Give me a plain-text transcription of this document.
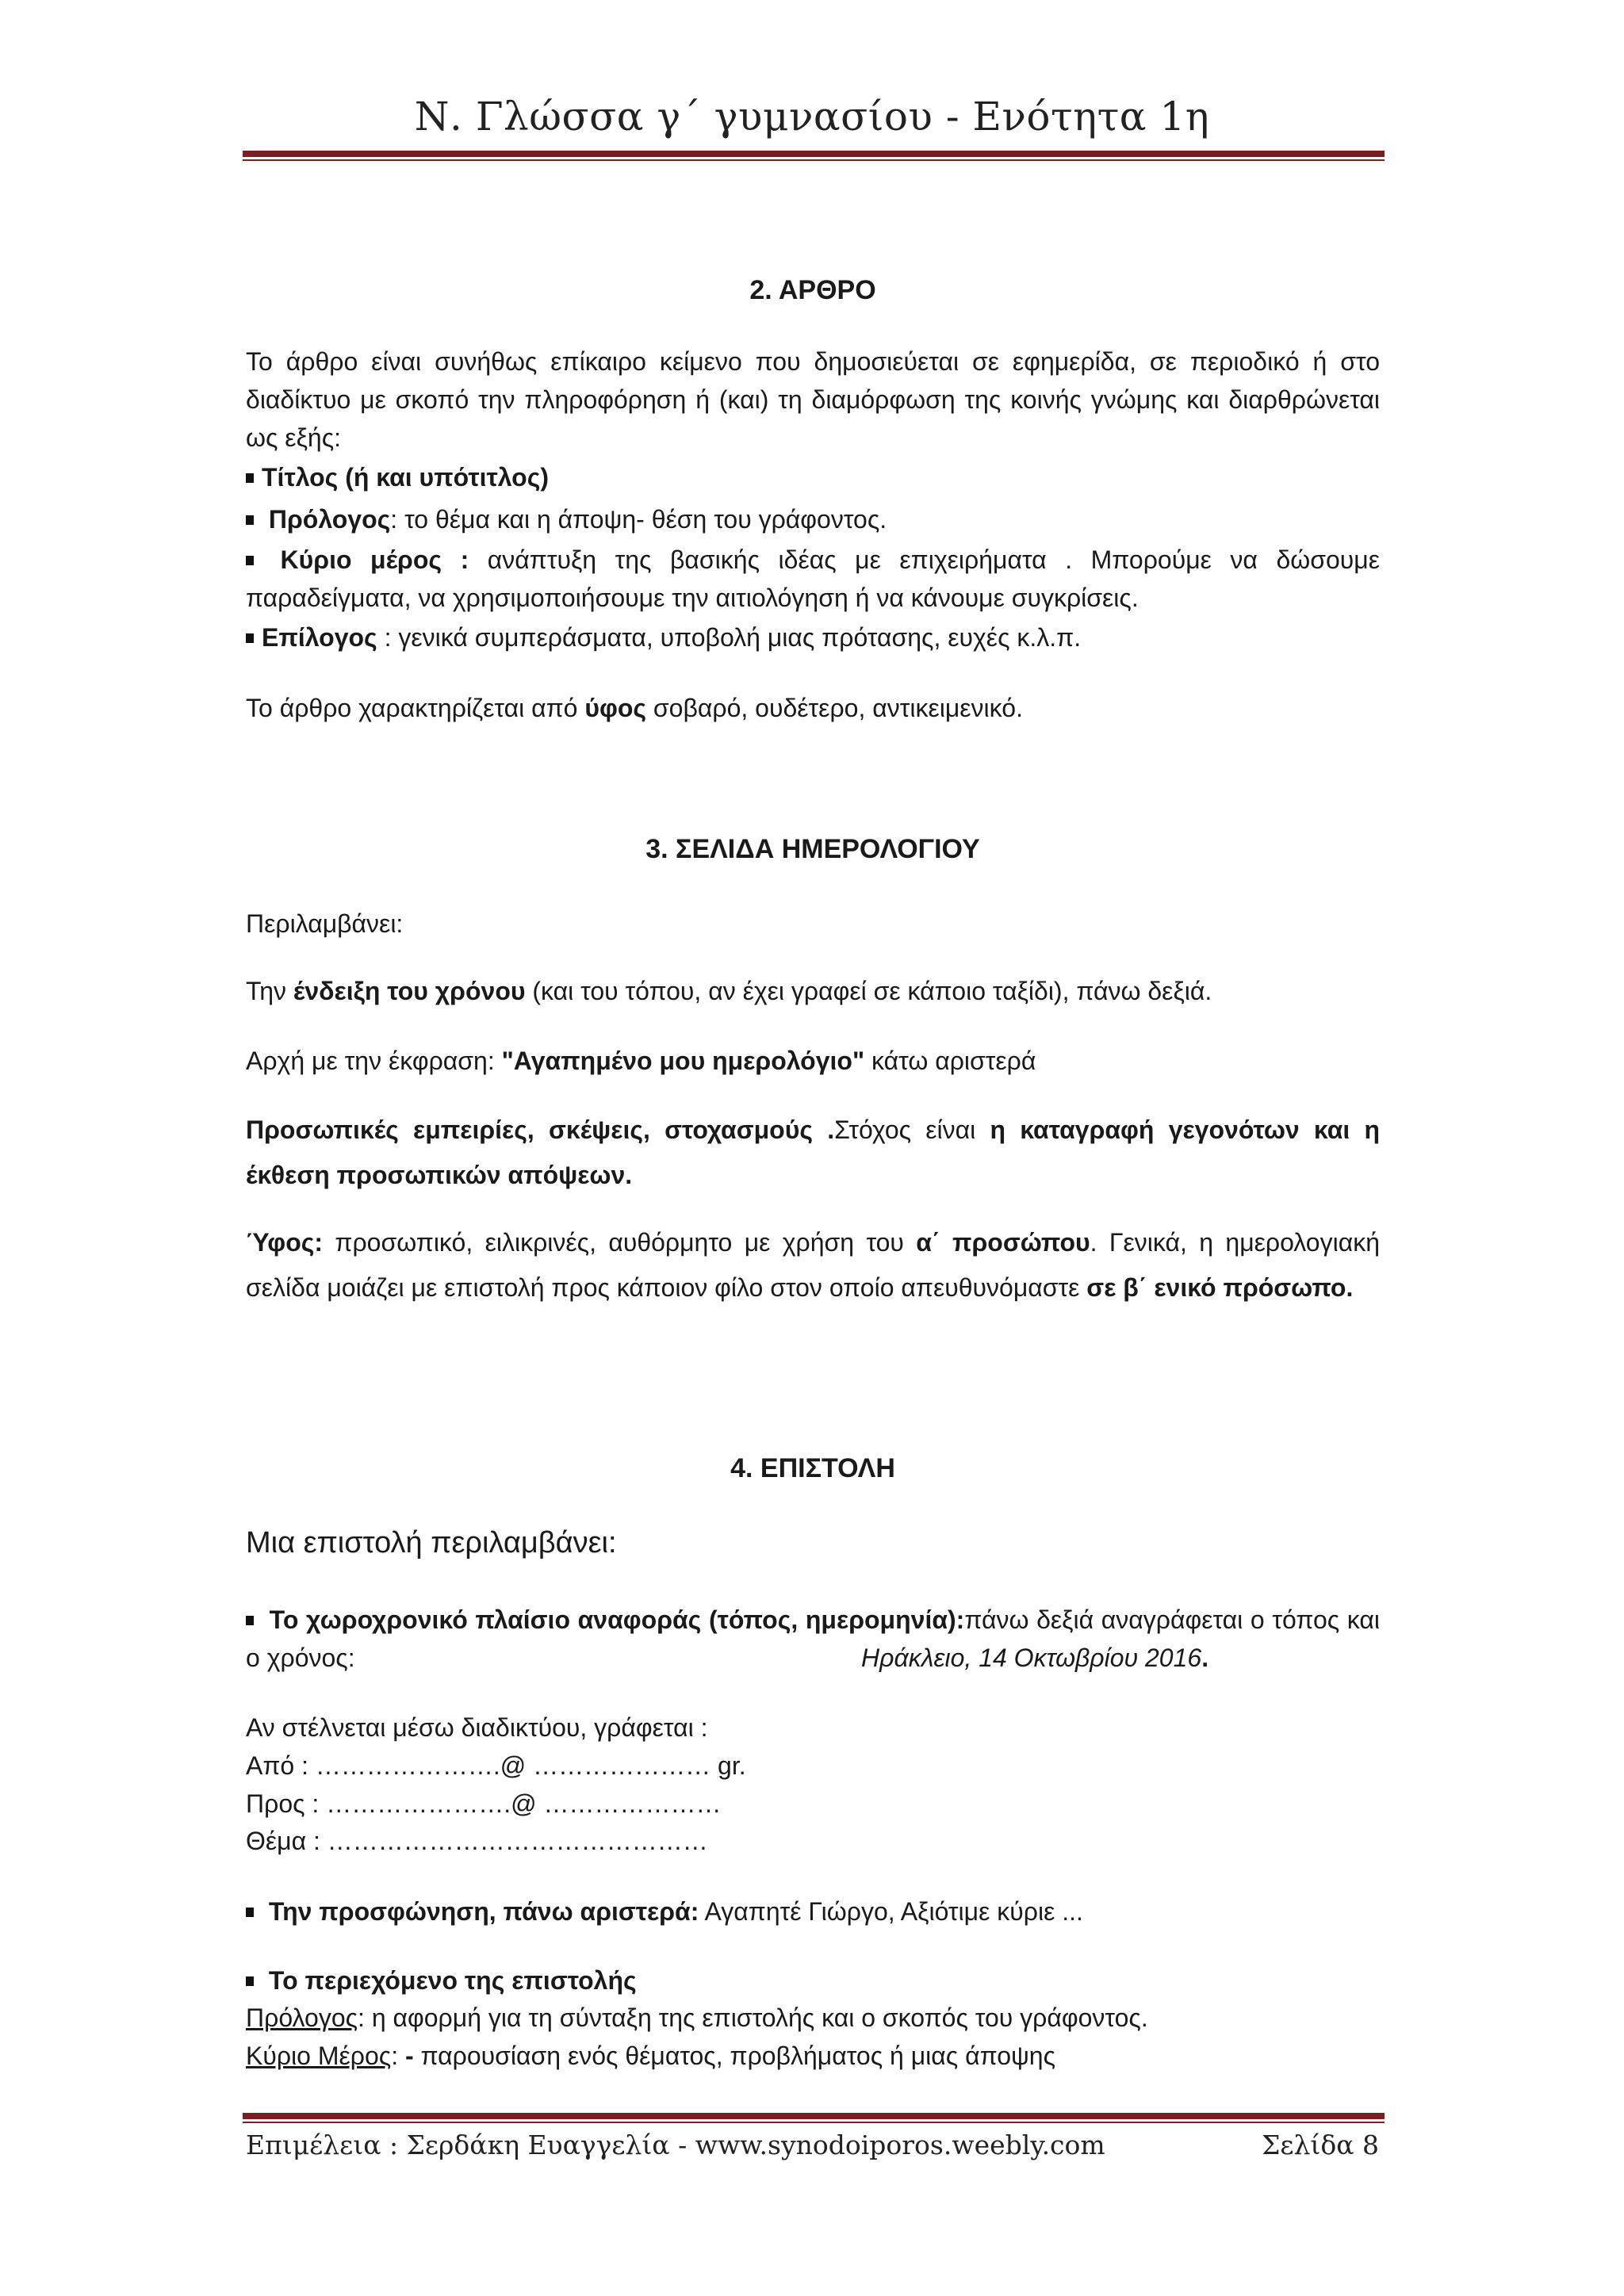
Ν. Γλώσσα γ΄ γυμνασίου - Ενότητα 1η
2. ΑΡΘΡΟ
Το άρθρο είναι συνήθως επίκαιρο κείμενο που δημοσιεύεται σε εφημερίδα, σε περιοδικό ή στο διαδίκτυο με σκοπό την πληροφόρηση ή (και) τη διαμόρφωση της κοινής γνώμης και διαρθρώνεται ως εξής:
Τίτλος (ή και υπότιτλος)
Πρόλογος: το θέμα και η άποψη- θέση του γράφοντος.
Κύριο μέρος : ανάπτυξη της βασικής ιδέας με επιχειρήματα . Μπορούμε να δώσουμε παραδείγματα, να χρησιμοποιήσουμε την αιτιολόγηση ή να κάνουμε συγκρίσεις.
Επίλογος : γενικά συμπεράσματα, υποβολή μιας πρότασης, ευχές κ.λ.π.
Το άρθρο χαρακτηρίζεται από ύφος σοβαρό, ουδέτερο, αντικειμενικό.
3. ΣΕΛΙΔΑ ΗΜΕΡΟΛΟΓΙΟΥ
Περιλαμβάνει:
Την ένδειξη του χρόνου (και του τόπου, αν έχει γραφεί σε κάποιο ταξίδι), πάνω δεξιά.
Αρχή με την έκφραση: "Αγαπημένο μου ημερολόγιο" κάτω αριστερά
Προσωπικές εμπειρίες, σκέψεις, στοχασμούς .Στόχος είναι η καταγραφή γεγονότων και η έκθεση προσωπικών απόψεων.
Ύφος: προσωπικό, ειλικρινές, αυθόρμητο με χρήση του α΄ προσώπου. Γενικά, η ημερολογιακή σελίδα μοιάζει με επιστολή προς κάποιον φίλο στον οποίο απευθυνόμαστε σε β΄ ενικό πρόσωπο.
4. ΕΠΙΣΤΟΛΗ
Μια επιστολή περιλαμβάνει:
Το χωροχρονικό πλαίσιο αναφοράς (τόπος, ημερομηνία):πάνω δεξιά αναγράφεται ο τόπος και ο χρόνος:	Ηράκλειο, 14 Οκτωβρίου 2016.
Αν στέλνεται μέσω διαδικτύου, γράφεται :
Από : ………………….@ ………………… gr.
Προς : ………………….@ …………………
Θέμα : ………………………………………
Την προσφώνηση, πάνω αριστερά: Αγαπητέ Γιώργο, Αξιότιμε κύριε ...
Το περιεχόμενο της επιστολής
Πρόλογος: η αφορμή για τη σύνταξη της επιστολής και ο σκοπός του γράφοντος.
Κύριο Μέρος: - παρουσίαση ενός θέματος, προβλήματος ή μιας άποψης
Επιμέλεια : Σερδάκη Ευαγγελία - www.synodoiporos.weebly.com	Σελίδα 8
